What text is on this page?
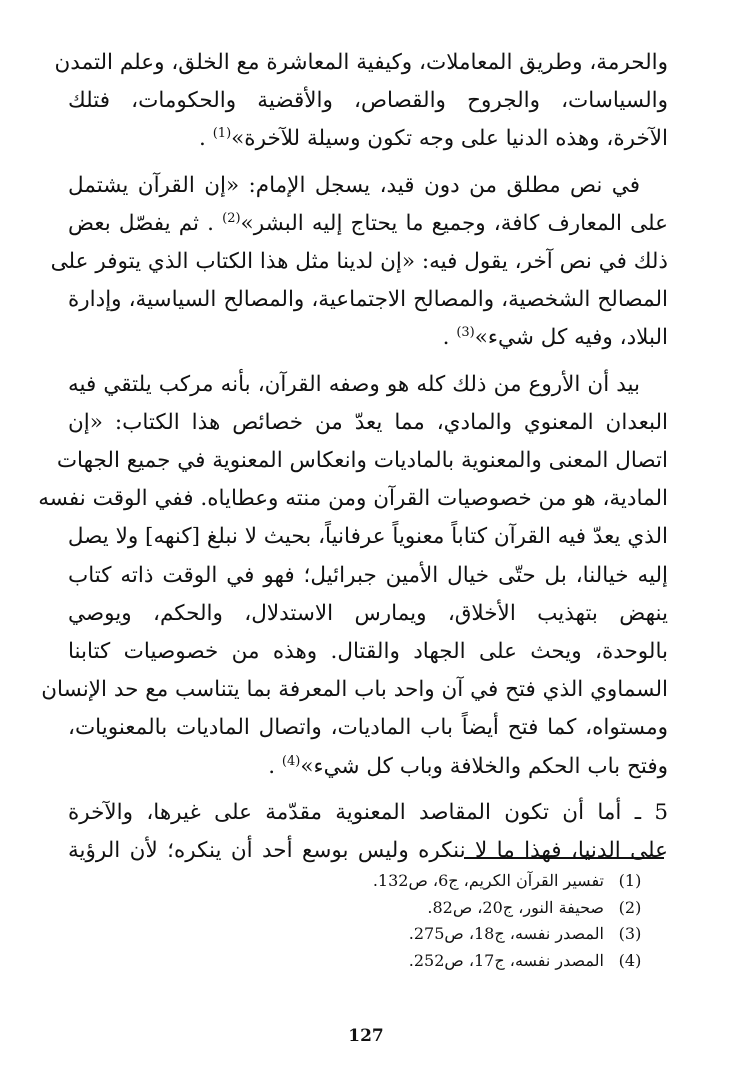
والحرمة، وطريق المعاملات، وكيفية المعاشرة مع الخلق، وعلم التمدن
والسياسات، والجروح والقصاص، والأقضية والحكومات، فتلك
الآخرة، وهذه الدنيا على وجه تكون وسيلة للآخرة»$^{(1)}$ .

في نص مطلق من دون قيد، يسجل الإمام: «إن القرآن يشتمل
على المعارف كافة، وجميع ما يحتاج إليه البشر»$^{(2)}$ . ثم يفصّل بعض
ذلك في نص آخر، يقول فيه: «إن لدينا مثل هذا الكتاب الذي يتوفر على
المصالح الشخصية، والمصالح الاجتماعية، والمصالح السياسية، وإدارة
البلاد، وفيه كل شيء»$^{(3)}$ .

بيد أن الأروع من ذلك كله هو وصفه القرآن، بأنه مركب يلتقي فيه
البعدان المعنوي والمادي، مما يعدّ من خصائص هذا الكتاب: «إن
اتصال المعنى والمعنوية بالماديات وانعكاس المعنوية في جميع الجهات
المادية، هو من خصوصيات القرآن ومن منته وعطاياه. ففي الوقت نفسه
الذي يعدّ فيه القرآن كتاباً معنوياً عرفانياً، بحيث لا نبلغ [كنهه] ولا يصل
إليه خيالنا، بل حتّى خيال الأمين جبرائيل؛ فهو في الوقت ذاته كتاب
ينهض بتهذيب الأخلاق، ويمارس الاستدلال، والحكم، ويوصي
بالوحدة، ويحث على الجهاد والقتال. وهذه من خصوصيات كتابنا
السماوي الذي فتح في آن واحد باب المعرفة بما يتناسب مع حد الإنسان
ومستواه، كما فتح أيضاً باب الماديات، واتصال الماديات بالمعنويات،
وفتح باب الحكم والخلافة وباب كل شيء»$^{(4)}$ .

5 ـ أما أن تكون المقاصد المعنوية مقدّمة على غيرها، والآخرة
على الدنيا، فهذا ما لا ننكره وليس بوسع أحد أن ينكره؛ لأن الرؤية

(1)
تفسير القرآن الكريم، ج6، ص132.
(2)
صحيفة النور، ج20، ص82.
(3)
المصدر نفسه، ج18، ص275.
(4)
المصدر نفسه، ج17، ص252.
127
